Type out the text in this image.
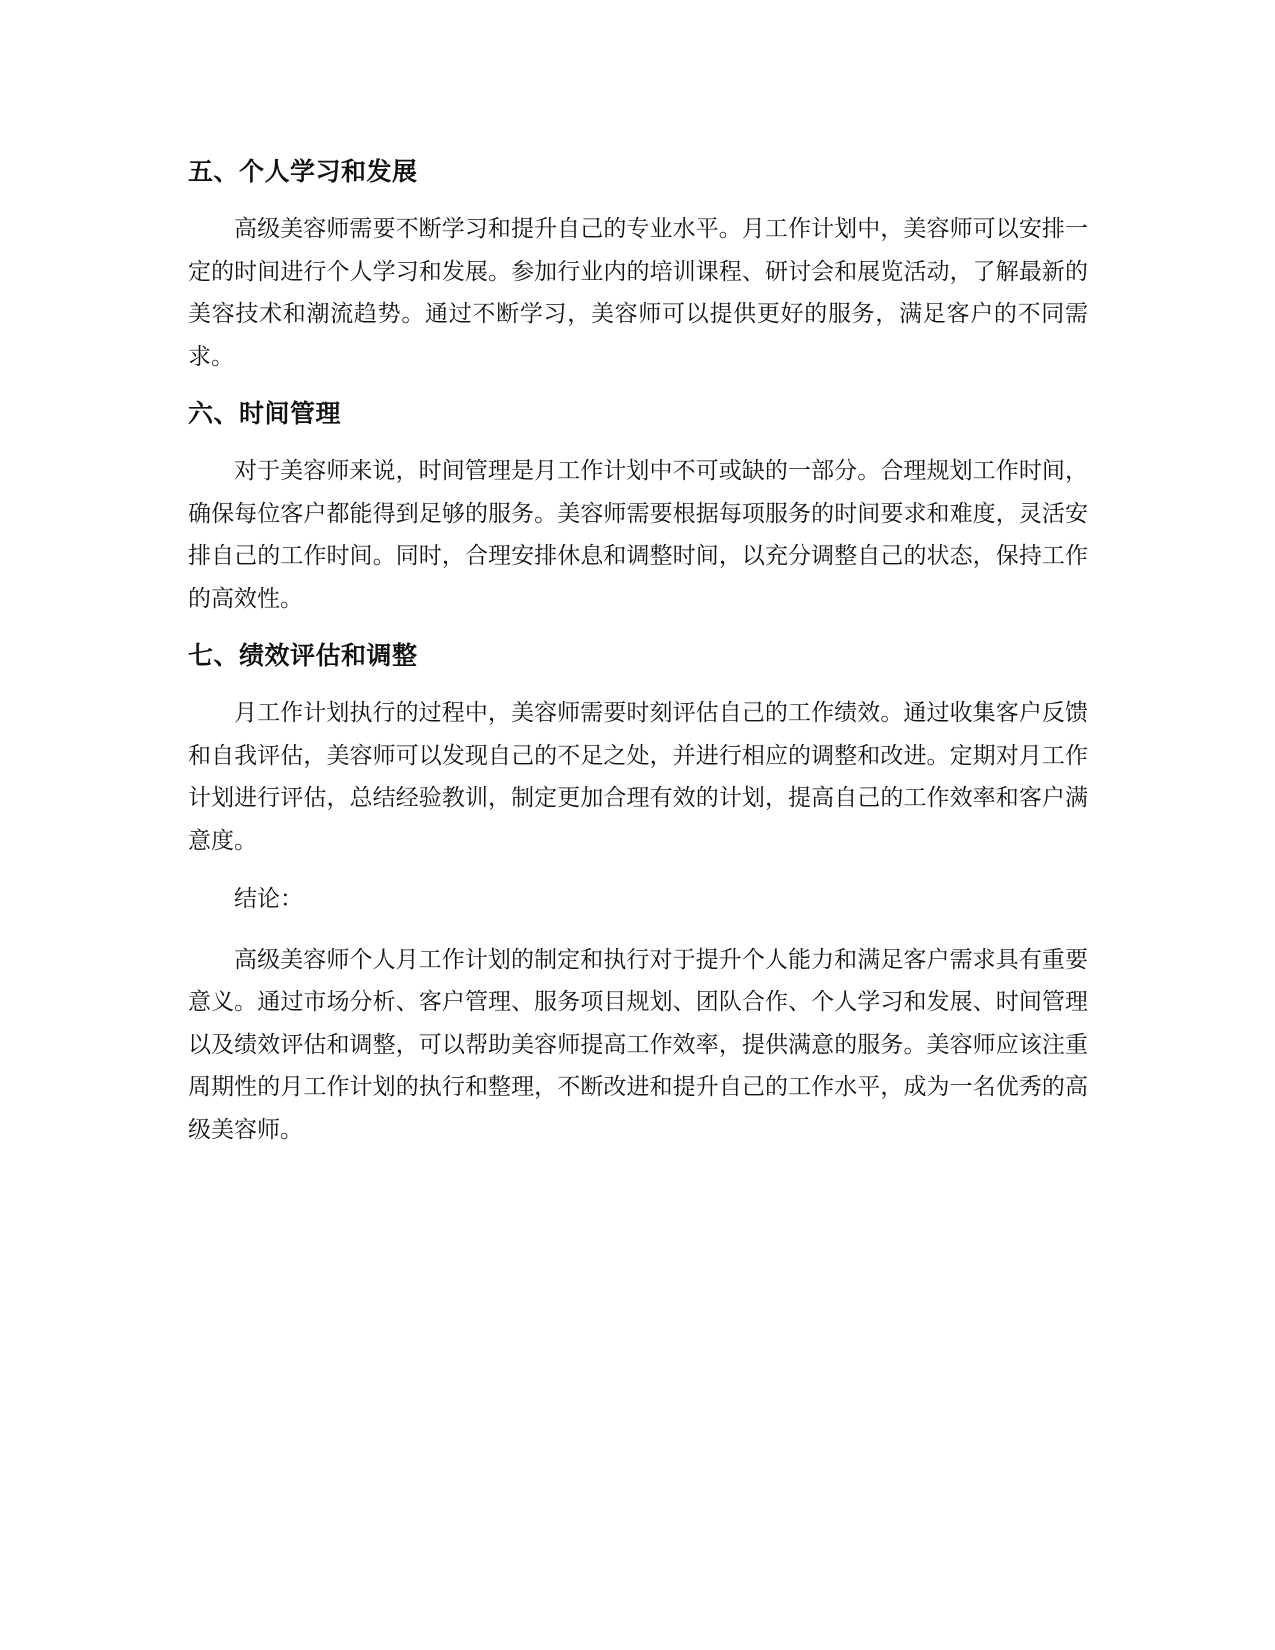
五、个人学习和发展

高级美容师需要不断学习和提升自己的专业水平。月工作计划中，美容师可以安排一定的时间进行个人学习和发展。参加行业内的培训课程、研讨会和展览活动，了解最新的美容技术和潮流趋势。通过不断学习，美容师可以提供更好的服务，满足客户的不同需求。

六、时间管理

对于美容师来说，时间管理是月工作计划中不可或缺的一部分。合理规划工作时间，确保每位客户都能得到足够的服务。美容师需要根据每项服务的时间要求和难度，灵活安排自己的工作时间。同时，合理安排休息和调整时间，以充分调整自己的状态，保持工作的高效性。

七、绩效评估和调整

月工作计划执行的过程中，美容师需要时刻评估自己的工作绩效。通过收集客户反馈和自我评估，美容师可以发现自己的不足之处，并进行相应的调整和改进。定期对月工作计划进行评估，总结经验教训，制定更加合理有效的计划，提高自己的工作效率和客户满意度。

结论：

高级美容师个人月工作计划的制定和执行对于提升个人能力和满足客户需求具有重要意义。通过市场分析、客户管理、服务项目规划、团队合作、个人学习和发展、时间管理以及绩效评估和调整，可以帮助美容师提高工作效率，提供满意的服务。美容师应该注重周期性的月工作计划的执行和整理，不断改进和提升自己的工作水平，成为一名优秀的高级美容师。
